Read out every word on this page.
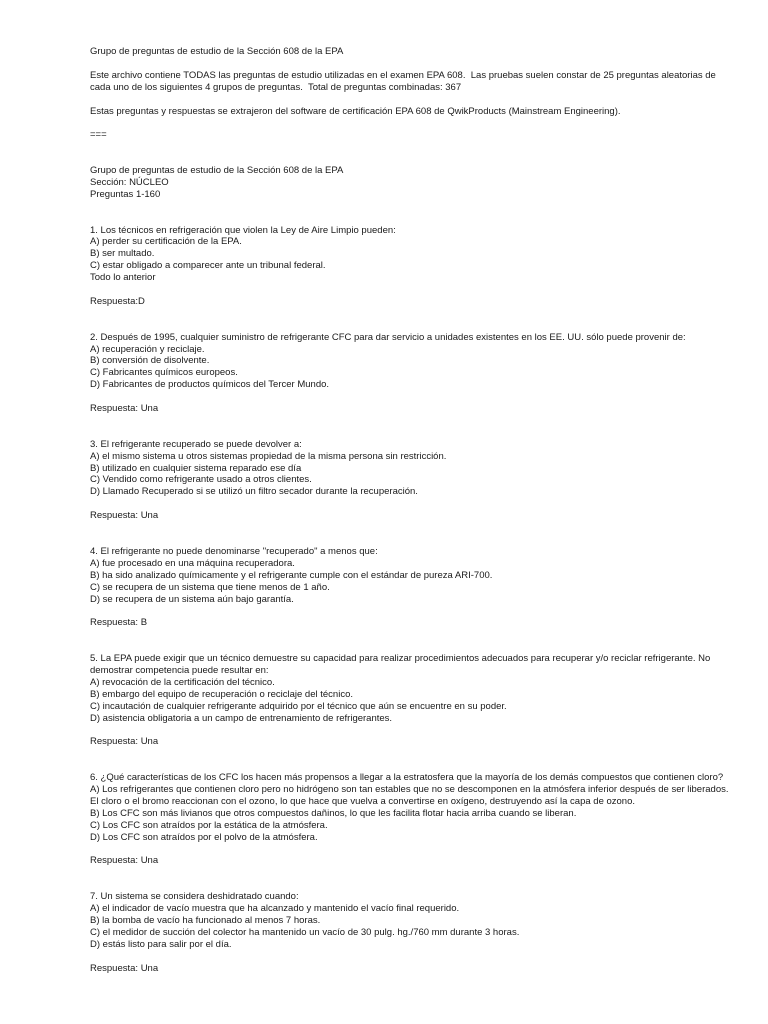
Grupo de preguntas de estudio de la Sección 608 de la EPA

Este archivo contiene TODAS las preguntas de estudio utilizadas en el examen EPA 608.  Las pruebas suelen constar de 25 preguntas aleatorias de cada uno de los siguientes 4 grupos de preguntas.  Total de preguntas combinadas: 367

Estas preguntas y respuestas se extrajeron del software de certificación EPA 608 de QwikProducts (Mainstream Engineering).

===

Grupo de preguntas de estudio de la Sección 608 de la EPA

Sección: NÚCLEO

Preguntas 1-160

1. Los técnicos en refrigeración que violen la Ley de Aire Limpio pueden:

A) perder su certificación de la EPA.

B) ser multado.

C) estar obligado a comparecer ante un tribunal federal.

Todo lo anterior

Respuesta:D

2. Después de 1995, cualquier suministro de refrigerante CFC para dar servicio a unidades existentes en los EE. UU. sólo puede provenir de:

A) recuperación y reciclaje.

B) conversión de disolvente.

C) Fabricantes químicos europeos.

D) Fabricantes de productos químicos del Tercer Mundo.

Respuesta: Una

3. El refrigerante recuperado se puede devolver a:

A) el mismo sistema u otros sistemas propiedad de la misma persona sin restricción.

B) utilizado en cualquier sistema reparado ese día

C) Vendido como refrigerante usado a otros clientes.

D) Llamado Recuperado si se utilizó un filtro secador durante la recuperación.

Respuesta: Una

4. El refrigerante no puede denominarse "recuperado" a menos que:

A) fue procesado en una máquina recuperadora.

B) ha sido analizado químicamente y el refrigerante cumple con el estándar de pureza ARI-700.

C) se recupera de un sistema que tiene menos de 1 año.

D) se recupera de un sistema aún bajo garantía.

Respuesta: B

5. La EPA puede exigir que un técnico demuestre su capacidad para realizar procedimientos adecuados para recuperar y/o reciclar refrigerante. No demostrar competencia puede resultar en:

A) revocación de la certificación del técnico.

B) embargo del equipo de recuperación o reciclaje del técnico.

C) incautación de cualquier refrigerante adquirido por el técnico que aún se encuentre en su poder.

D) asistencia obligatoria a un campo de entrenamiento de refrigerantes.

Respuesta: Una

6. ¿Qué características de los CFC los hacen más propensos a llegar a la estratosfera que la mayoría de los demás compuestos que contienen cloro?

A) Los refrigerantes que contienen cloro pero no hidrógeno son tan estables que no se descomponen en la atmósfera inferior después de ser liberados. El cloro o el bromo reaccionan con el ozono, lo que hace que vuelva a convertirse en oxígeno, destruyendo así la capa de ozono.

B) Los CFC son más livianos que otros compuestos dañinos, lo que les facilita flotar hacia arriba cuando se liberan.

C) Los CFC son atraídos por la estática de la atmósfera.

D) Los CFC son atraídos por el polvo de la atmósfera.

Respuesta: Una

7. Un sistema se considera deshidratado cuando:

A) el indicador de vacío muestra que ha alcanzado y mantenido el vacío final requerido.

B) la bomba de vacío ha funcionado al menos 7 horas.

C) el medidor de succión del colector ha mantenido un vacío de 30 pulg. hg./760 mm durante 3 horas.

D) estás listo para salir por el día.

Respuesta: Una
